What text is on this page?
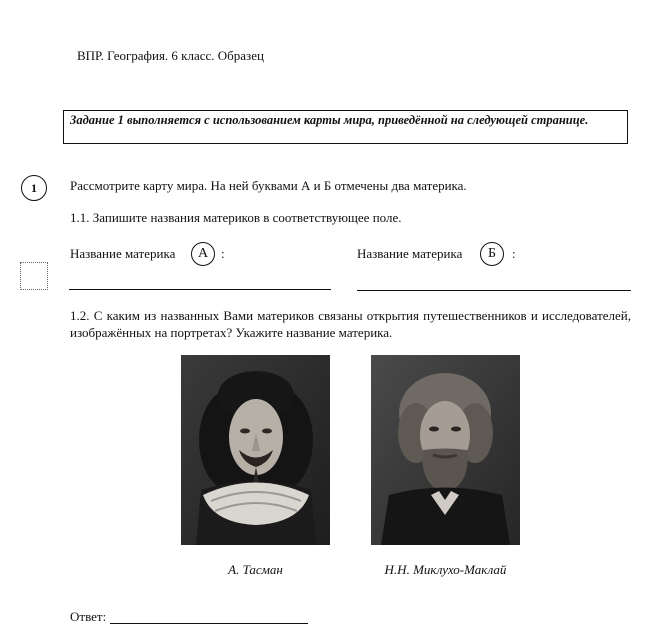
ВПР. География. 6 класс. Образец
Задание 1 выполняется с использованием карты мира, приведённой на следующей странице.
1	Рассмотрите карту мира. На ней буквами А и Б отмечены два материка.
1.1. Запишите названия материков в соответствующее поле.
Название материка	А :	Название материка	Б	:
1.2. С каким из названных Вами материков связаны открытия путешественников и исследователей, изображённых на портретах? Укажите название материка.
А. Тасман	Н.Н. Миклухо-Маклай
Ответ:
